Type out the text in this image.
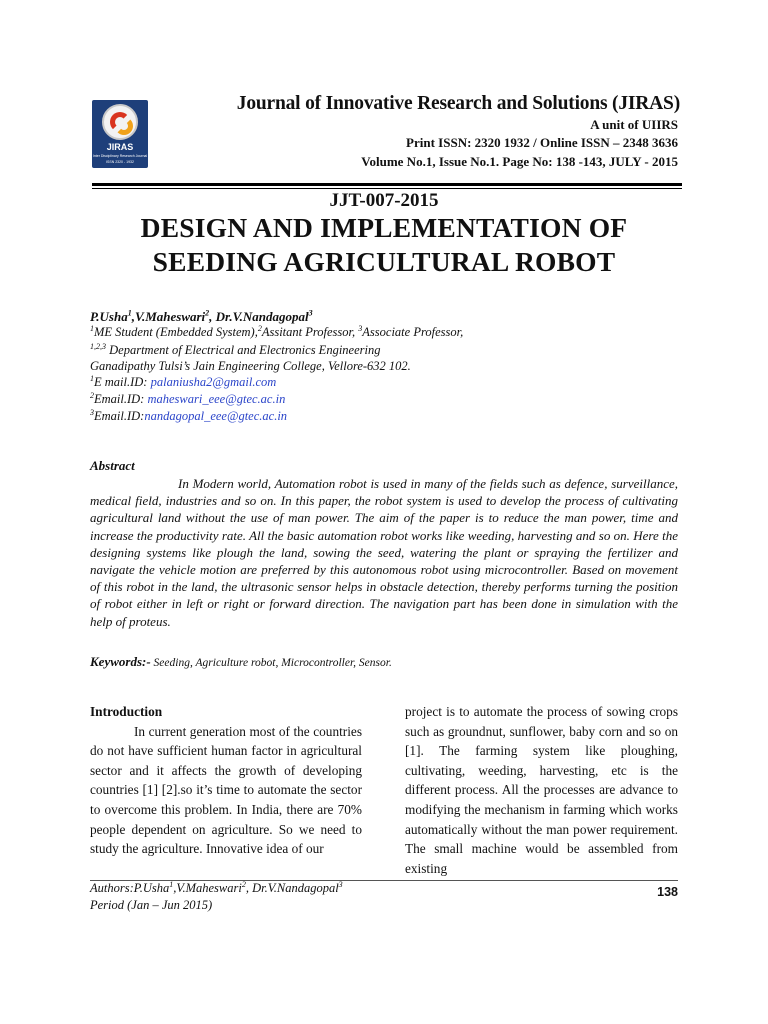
JIRAS
Inter Disciplinary Research Journal
ISSN 2320 - 1932
Journal of Innovative Research and Solutions (JIRAS)
A unit of UIIRS
Print ISSN: 2320 1932 / Online ISSN – 2348 3636
Volume No.1, Issue No.1. Page No: 138 -143, JULY - 2015
JJT-007-2015
DESIGN AND IMPLEMENTATION OF
SEEDING AGRICULTURAL ROBOT
P.Usha$^1$,V.Maheswari$^2$, Dr.V.Nandagopal$^3$
$^1$ME Student (Embedded System),$^2$Assitant Professor, $^3$Associate Professor,
$^{1,2,3}$ Department of Electrical and Electronics Engineering
Ganadipathy Tulsi’s Jain Engineering College, Vellore-632 102.
$^1$E mail.ID: palaniusha2@gmail.com
$^2$Email.ID: maheswari_eee@gtec.ac.in
$^3$Email.ID:nandagopal_eee@gtec.ac.in
Abstract

In Modern world, Automation robot is used in many of the fields such as defence, surveillance, medical field, industries and so on. In this paper, the robot system is used to develop the process of cultivating agricultural land without the use of man power. The aim of the paper is to reduce the man power, time and increase the productivity rate. All the basic automation robot works like weeding, harvesting and so on. Here the designing systems like plough the land, sowing the seed, watering the plant or spraying the fertilizer and navigate the vehicle motion are preferred by this autonomous robot using microcontroller. Based on movement of this robot in the land, the ultrasonic sensor helps in obstacle detection, thereby performs turning the position of robot either in left or right or forward direction. The navigation part has been done in simulation with the help of proteus.

Keywords:- Seeding, Agriculture robot, Microcontroller, Sensor.

Introduction

In current generation most of the countries do not have sufficient human factor in agricultural sector and it affects the growth of developing countries [1] [2].so it’s time to automate the sector to overcome this problem. In India, there are 70% people dependent on agriculture. So we need to study the agriculture. Innovative idea of our

project is to automate the process of sowing crops such as groundnut, sunflower, baby corn and so on [1]. The farming system like ploughing, cultivating, weeding, harvesting, etc is the different process. All the processes are advance to modifying the mechanism in farming which works automatically without the man power requirement. The small machine would be assembled from existing

Authors:P.Usha$^1$,V.Maheswari$^2$, Dr.V.Nandagopal$^3$
Period (Jan – Jun 2015)
138
